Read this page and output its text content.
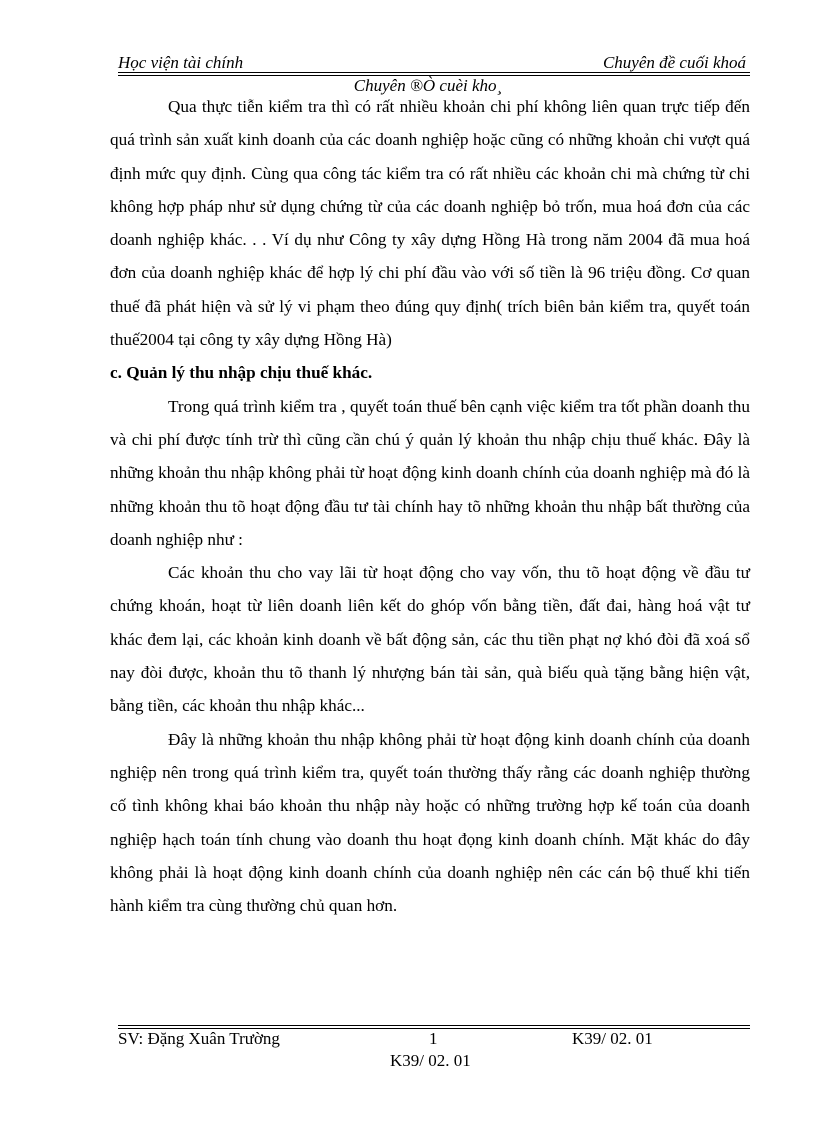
Học viện tài chính	Chuyên đề cuối khoá
Chuyên ®Ò cuèi kho¸

Qua thực tiễn kiểm tra thì có rất nhiều khoản chi phí không liên quan trực tiếp đến quá trình sản xuất kinh doanh của các doanh nghiệp hoặc cũng có những khoản chi vượt quá định mức quy định. Cùng qua công tác kiểm tra có rất nhiều các khoản chi mà chứng từ chi không hợp pháp như sử dụng chứng từ của các doanh nghiệp bỏ trốn, mua hoá đơn của các doanh nghiệp khác. . . Ví dụ như Công ty xây dựng Hồng Hà trong năm 2004 đã mua hoá đơn của doanh nghiệp khác để hợp lý chi phí đầu vào với số tiền là 96 triệu đồng. Cơ quan thuế đã phát hiện và sử lý vi phạm theo đúng quy định( trích biên bản kiểm tra, quyết toán thuế2004 tại công ty xây dựng Hồng Hà)

c. Quản lý thu nhập chịu thuế khác.

Trong quá trình kiểm tra , quyết toán thuế bên cạnh việc kiểm tra tốt phần doanh thu và chi phí được tính trừ thì cũng cần chú ý quản lý khoản thu nhập chịu thuế khác. Đây là những khoản thu nhập không phải từ hoạt động kinh doanh chính của doanh nghiệp mà đó là những khoản thu tõ hoạt động đầu tư tài chính hay tõ những khoản thu nhập bất thường của doanh nghiệp như :

Các khoản thu cho vay lãi từ hoạt động cho vay vốn, thu tõ hoạt động về đầu tư chứng khoán, hoạt từ liên doanh liên kết do ghóp vốn bằng tiền, đất đai, hàng hoá vật tư khác đem lại, các khoản kinh doanh về bất động sản, các thu tiền phạt nợ khó đòi đã xoá sổ nay đòi được, khoản thu tõ thanh lý nhượng bán tài sản, quà biếu quà tặng bằng hiện vật, bằng tiền, các khoản thu nhập khác...

Đây là những khoản thu nhập không phải từ hoạt động kinh doanh chính của doanh nghiệp nên trong quá trình kiểm tra, quyết toán thường thấy rằng các doanh nghiệp thường cố tình không khai báo khoản thu nhập này hoặc có những trường hợp kế toán của doanh nghiệp hạch toán tính chung vào doanh thu hoạt đọng kinh doanh chính. Mặt khác do đây không phải là hoạt động kinh doanh chính của doanh nghiệp nên các cán bộ thuế khi tiến hành kiểm tra cùng thường chủ quan hơn.

SV: Đặng Xuân Trường	1	K39/ 02. 01
K39/ 02. 01
